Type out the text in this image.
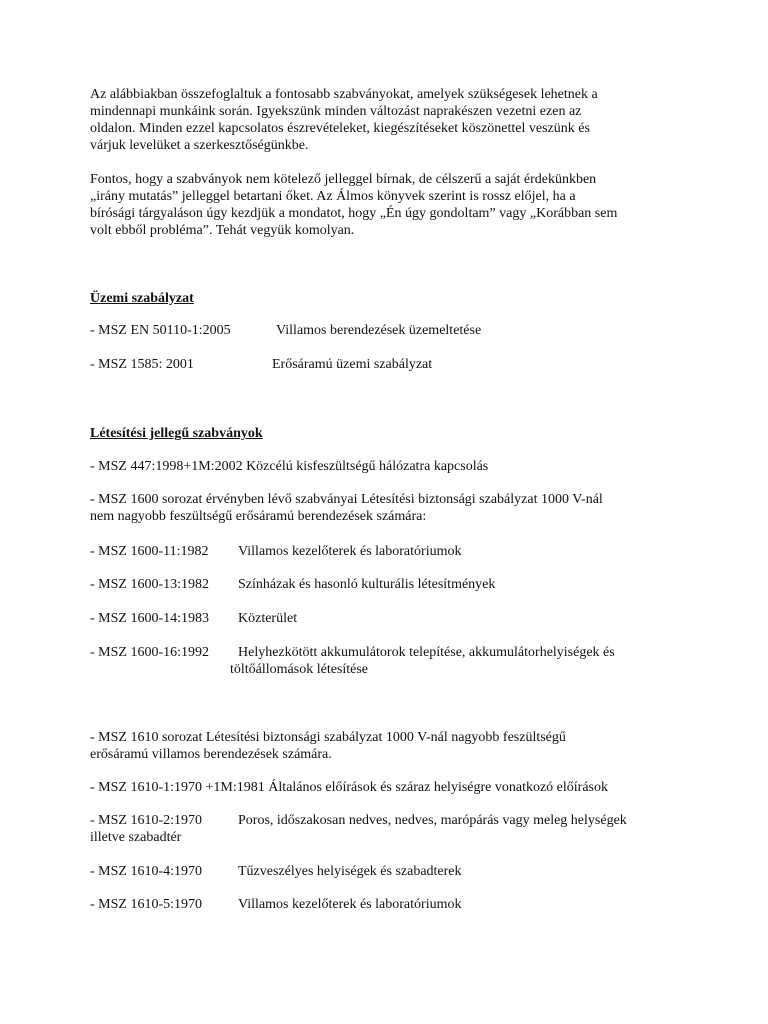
Az alábbiakban összefoglaltuk a fontosabb szabványokat, amelyek szükségesek lehetnek a
mindennapi munkáink során. Igyekszünk minden változást naprakészen vezetni ezen az
oldalon. Minden ezzel kapcsolatos észrevételeket, kiegészítéseket köszönettel veszünk és
várjuk levelüket a szerkesztőségünkbe.
Fontos, hogy a szabványok nem kötelező jelleggel bírnak, de célszerű a saját érdekünkben
„irány mutatás” jelleggel betartani őket. Az Álmos könyvek szerint is rossz előjel, ha a
bírósági tárgyaláson úgy kezdjük a mondatot, hogy „Én úgy gondoltam” vagy „Korábban sem
volt ebből probléma”. Tehát vegyük komolyan.
Üzemi szabályzat
- MSZ EN 50110-1:2005	Villamos berendezések üzemeltetése
- MSZ 1585: 2001	Erősáramú üzemi szabályzat
Létesítési jellegű szabványok
- MSZ 447:1998+1M:2002 Közcélú kisfeszültségű hálózatra kapcsolás
- MSZ 1600 sorozat érvényben lévő szabványai Létesítési biztonsági szabályzat 1000 V-nál
nem nagyobb feszültségű erősáramú berendezések számára:
- MSZ 1600-11:1982 Villamos kezelőterek és laboratóriumok
- MSZ 1600-13:1982 Színházak és hasonló kulturális létesítmények
- MSZ 1600-14:1983 Közterület
- MSZ 1600-16:1992 Helyhezkötött akkumulátorok telepítése, akkumulátorhelyiségek és
töltőállomások létesítése
- MSZ 1610 sorozat Létesítési biztonsági szabályzat 1000 V-nál nagyobb feszültségű
erősáramú villamos berendezések számára.
- MSZ 1610-1:1970 +1M:1981 Általános előírások és száraz helyiségre vonatkozó előírások
- MSZ 1610-2:1970	Poros, időszakosan nedves, nedves, marópárás vagy meleg helységek
illetve szabadtér
- MSZ 1610-4:1970	Tűzveszélyes helyiségek és szabadterek
- MSZ 1610-5:1970	Villamos kezelőterek és laboratóriumok
